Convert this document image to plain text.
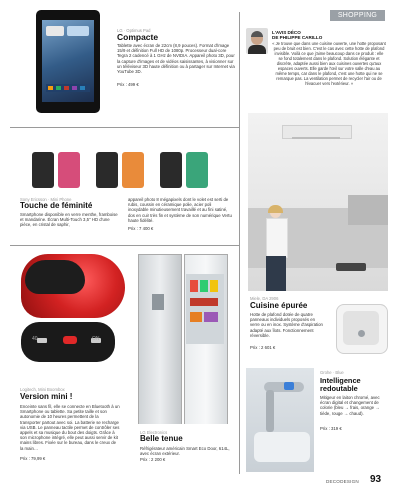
SHOPPING
LG · Optimus Pad
Compacte
Tablette avec écran de 22cm (8,9 pouces). Format d'image 15/9 et définition Full HD de 1080p. Processeur dual-core Tegra 2 cadencé à 1 GHz de NVIDIA. Appareil photo 3D, pour la capture d'images et de vidéos saisissantes, à visionner sur un téléviseur 3D haute définition ou à partager sur Internet via YouTube 3D.
Prix : 499 €
L'AVIS DÉCO
DE PHILIPPE CARILLO
« Je trouve que dans une cuisine ouverte, une hotte proposant peu de bruit est bien. C'est le cas avec cette hotte de plafond invisible. Voilà ce que j'aime beaucoup dans ce produit : elle se fond totalement dans le plafond. Solution élégante et discrète, adaptée aussi bien aux cuisines ouvertes qu'aux espaces ouverts. Elle garde l'œil sur votre salle d'eau au même temps, car dans le plafond, c'est une hotte qui ne se remarque pas. La ventilation permet de recycler l'air ou de l'évacuer vers l'extérieur. »
Miele, DA 2906
Cuisine épurée
Hotte de plafond dotée de quatre panneaux individuels proposés en verre ou en inox. Système d'aspiration adapté aux îlots. Fonctionnement réversible.
Prix : 2 601 €
Sony Ericsson · Mini Phone
Touche de féminité
Smartphone disponible en verre menthe, framboise et mandarine. Écran Multi-Touch 3,5'' HD d'une pièce, en cristal de saphir,
appareil photo 8 mégapixels dont le volet est serti de rubis, coussin en céramique polie, acier poli inoxydable minutieusement travaillé et au fini satiné, dos en cuir très fin et système de son numérique Vertu haute fidélité.
Prix : 7 400 €
40	ON
Logitech, Mini Boombox
Version mini !
Enceinte sans fil, elle se connecte en Bluetooth à un Smartphone ou tablette. Sa petite taille et son autonomie de 10 heures permettent de la transporter partout avec soi. La batterie se recharge via USB. Le panneau tactile permet de contrôler ses appels et sa musique du bout des doigts. Grâce à son microphone intégré, elle peut aussi servir de kit mains libres. Fixée sur le bureau, dans le creux de la main…
Prix : 79,99 €
LG Electronics
Belle tenue
Réfrigérateur américain Smart Eco Door, 614L, avec écran extérieur.
Prix : 2 200 €
Grohe · Blue
Intelligence redoutable
Mitigeur en laiton chromé, avec écran digital et changement de colorie (bleu → frais, orange → tiède, rouge → chaud).
Prix : 319 €
DECODESIGN 93
